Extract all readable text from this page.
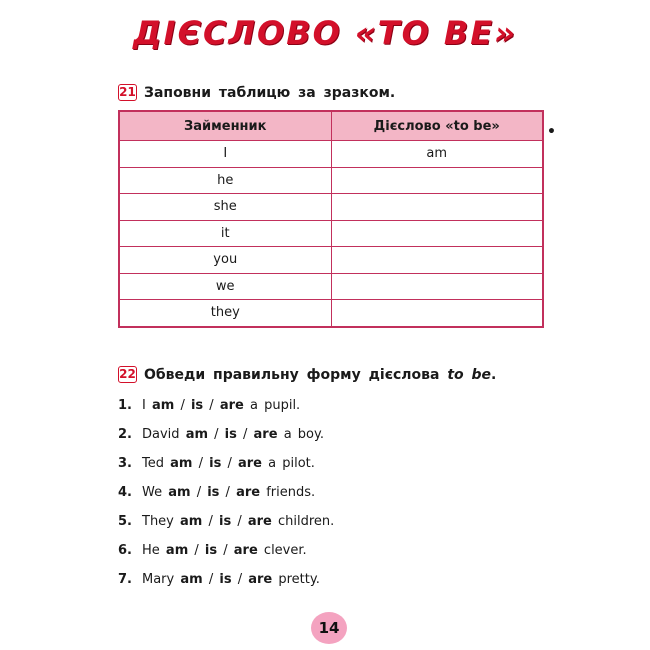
ДІЄСЛОВО «TO BE»
21 Заповни таблицю за зразком.
Займенник	Дієслово «to be»
I	am
he	
she	
it	
you	
we	
they	
•
22 Обведи правильну форму дієслова to be.
1. I am / is / are a pupil.
2. David am / is / are a boy.
3. Ted am / is / are a pilot.
4. We am / is / are friends.
5. They am / is / are children.
6. He am / is / are clever.
7. Mary am / is / are pretty.
14
